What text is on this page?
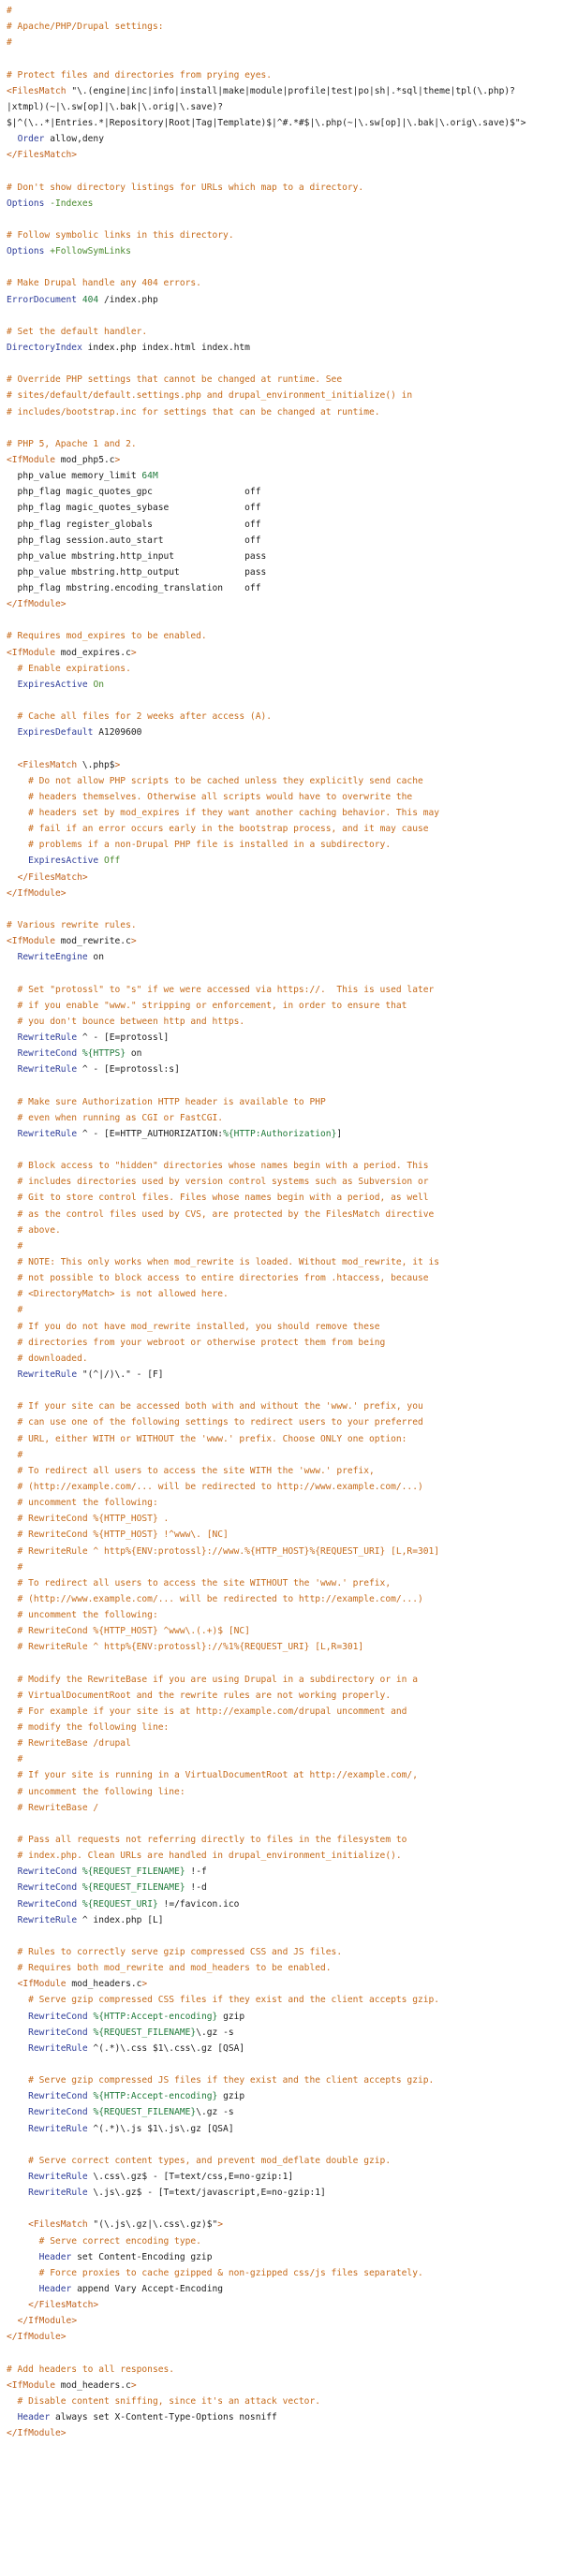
#
# Apache/PHP/Drupal settings:
#
# Protect files and directories from prying eyes.
<FilesMatch "\.(engine|inc|info|install|make|module|profile|test|po|sh|.*sql|theme|tpl(\.php)?
|xtmpl)(~|\.sw[op]|\.bak|\.orig|\.save)?
$|^(\..*|Entries.*|Repository|Root|Tag|Template)$|^#.*#$|\.php(~|\.sw[op]|\.bak|\.orig\.save)$">
Order allow,deny
</FilesMatch>
# Don't show directory listings for URLs which map to a directory.
Options -Indexes
# Follow symbolic links in this directory.
Options +FollowSymLinks
# Make Drupal handle any 404 errors.
ErrorDocument 404 /index.php
# Set the default handler.
DirectoryIndex index.php index.html index.htm
# Override PHP settings that cannot be changed at runtime. See
# sites/default/default.settings.php and drupal_environment_initialize() in
# includes/bootstrap.inc for settings that can be changed at runtime.
# PHP 5, Apache 1 and 2.
<IfModule mod_php5.c>
php_value memory_limit 64M
php_flag magic_quotes_gpc                 off
php_flag magic_quotes_sybase              off
php_flag register_globals                 off
php_flag session.auto_start               off
php_value mbstring.http_input             pass
php_value mbstring.http_output            pass
php_flag mbstring.encoding_translation    off
</IfModule>
# Requires mod_expires to be enabled.
<IfModule mod_expires.c>
# Enable expirations.
ExpiresActive On
# Cache all files for 2 weeks after access (A).
ExpiresDefault A1209600
<FilesMatch \.php$>
# Do not allow PHP scripts to be cached unless they explicitly send cache
# headers themselves. Otherwise all scripts would have to overwrite the
# headers set by mod_expires if they want another caching behavior. This may
# fail if an error occurs early in the bootstrap process, and it may cause
# problems if a non-Drupal PHP file is installed in a subdirectory.
ExpiresActive Off
</FilesMatch>
</IfModule>
# Various rewrite rules.
<IfModule mod_rewrite.c>
RewriteEngine on
# Set "protossl" to "s" if we were accessed via https://.  This is used later
# if you enable "www." stripping or enforcement, in order to ensure that
# you don't bounce between http and https.
RewriteRule ^ - [E=protossl]
RewriteCond %{HTTPS} on
RewriteRule ^ - [E=protossl:s]
# Make sure Authorization HTTP header is available to PHP
# even when running as CGI or FastCGI.
RewriteRule ^ - [E=HTTP_AUTHORIZATION:%{HTTP:Authorization}]
# Block access to "hidden" directories whose names begin with a period. This
# includes directories used by version control systems such as Subversion or
# Git to store control files. Files whose names begin with a period, as well
# as the control files used by CVS, are protected by the FilesMatch directive
# above.
#
# NOTE: This only works when mod_rewrite is loaded. Without mod_rewrite, it is
# not possible to block access to entire directories from .htaccess, because
# <DirectoryMatch> is not allowed here.
#
# If you do not have mod_rewrite installed, you should remove these
# directories from your webroot or otherwise protect them from being
# downloaded.
RewriteRule "(^|/)\." - [F]
# If your site can be accessed both with and without the 'www.' prefix, you
# can use one of the following settings to redirect users to your preferred
# URL, either WITH or WITHOUT the 'www.' prefix. Choose ONLY one option:
#
# To redirect all users to access the site WITH the 'www.' prefix,
# (http://example.com/... will be redirected to http://www.example.com/...)
# uncomment the following:
# RewriteCond %{HTTP_HOST} .
# RewriteCond %{HTTP_HOST} !^www\. [NC]
# RewriteRule ^ http%{ENV:protossl}://www.%{HTTP_HOST}%{REQUEST_URI} [L,R=301]
#
# To redirect all users to access the site WITHOUT the 'www.' prefix,
# (http://www.example.com/... will be redirected to http://example.com/...)
# uncomment the following:
# RewriteCond %{HTTP_HOST} ^www\.(.+)$ [NC]
# RewriteRule ^ http%{ENV:protossl}://%1%{REQUEST_URI} [L,R=301]
# Modify the RewriteBase if you are using Drupal in a subdirectory or in a
# VirtualDocumentRoot and the rewrite rules are not working properly.
# For example if your site is at http://example.com/drupal uncomment and
# modify the following line:
# RewriteBase /drupal
#
# If your site is running in a VirtualDocumentRoot at http://example.com/,
# uncomment the following line:
# RewriteBase /
# Pass all requests not referring directly to files in the filesystem to
# index.php. Clean URLs are handled in drupal_environment_initialize().
RewriteCond %{REQUEST_FILENAME} !-f
RewriteCond %{REQUEST_FILENAME} !-d
RewriteCond %{REQUEST_URI} !=/favicon.ico
RewriteRule ^ index.php [L]
# Rules to correctly serve gzip compressed CSS and JS files.
# Requires both mod_rewrite and mod_headers to be enabled.
<IfModule mod_headers.c>
# Serve gzip compressed CSS files if they exist and the client accepts gzip.
RewriteCond %{HTTP:Accept-encoding} gzip
RewriteCond %{REQUEST_FILENAME}\.gz -s
RewriteRule ^(.*)\.css $1\.css\.gz [QSA]
# Serve gzip compressed JS files if they exist and the client accepts gzip.
RewriteCond %{HTTP:Accept-encoding} gzip
RewriteCond %{REQUEST_FILENAME}\.gz -s
RewriteRule ^(.*)\.js $1\.js\.gz [QSA]
# Serve correct content types, and prevent mod_deflate double gzip.
RewriteRule \.css\.gz$ - [T=text/css,E=no-gzip:1]
RewriteRule \.js\.gz$ - [T=text/javascript,E=no-gzip:1]
<FilesMatch "(\.js\.gz|\.css\.gz)$">
# Serve correct encoding type.
Header set Content-Encoding gzip
# Force proxies to cache gzipped & non-gzipped css/js files separately.
Header append Vary Accept-Encoding
</FilesMatch>
</IfModule>
</IfModule>
# Add headers to all responses.
<IfModule mod_headers.c>
# Disable content sniffing, since it's an attack vector.
Header always set X-Content-Type-Options nosniff
</IfModule>
